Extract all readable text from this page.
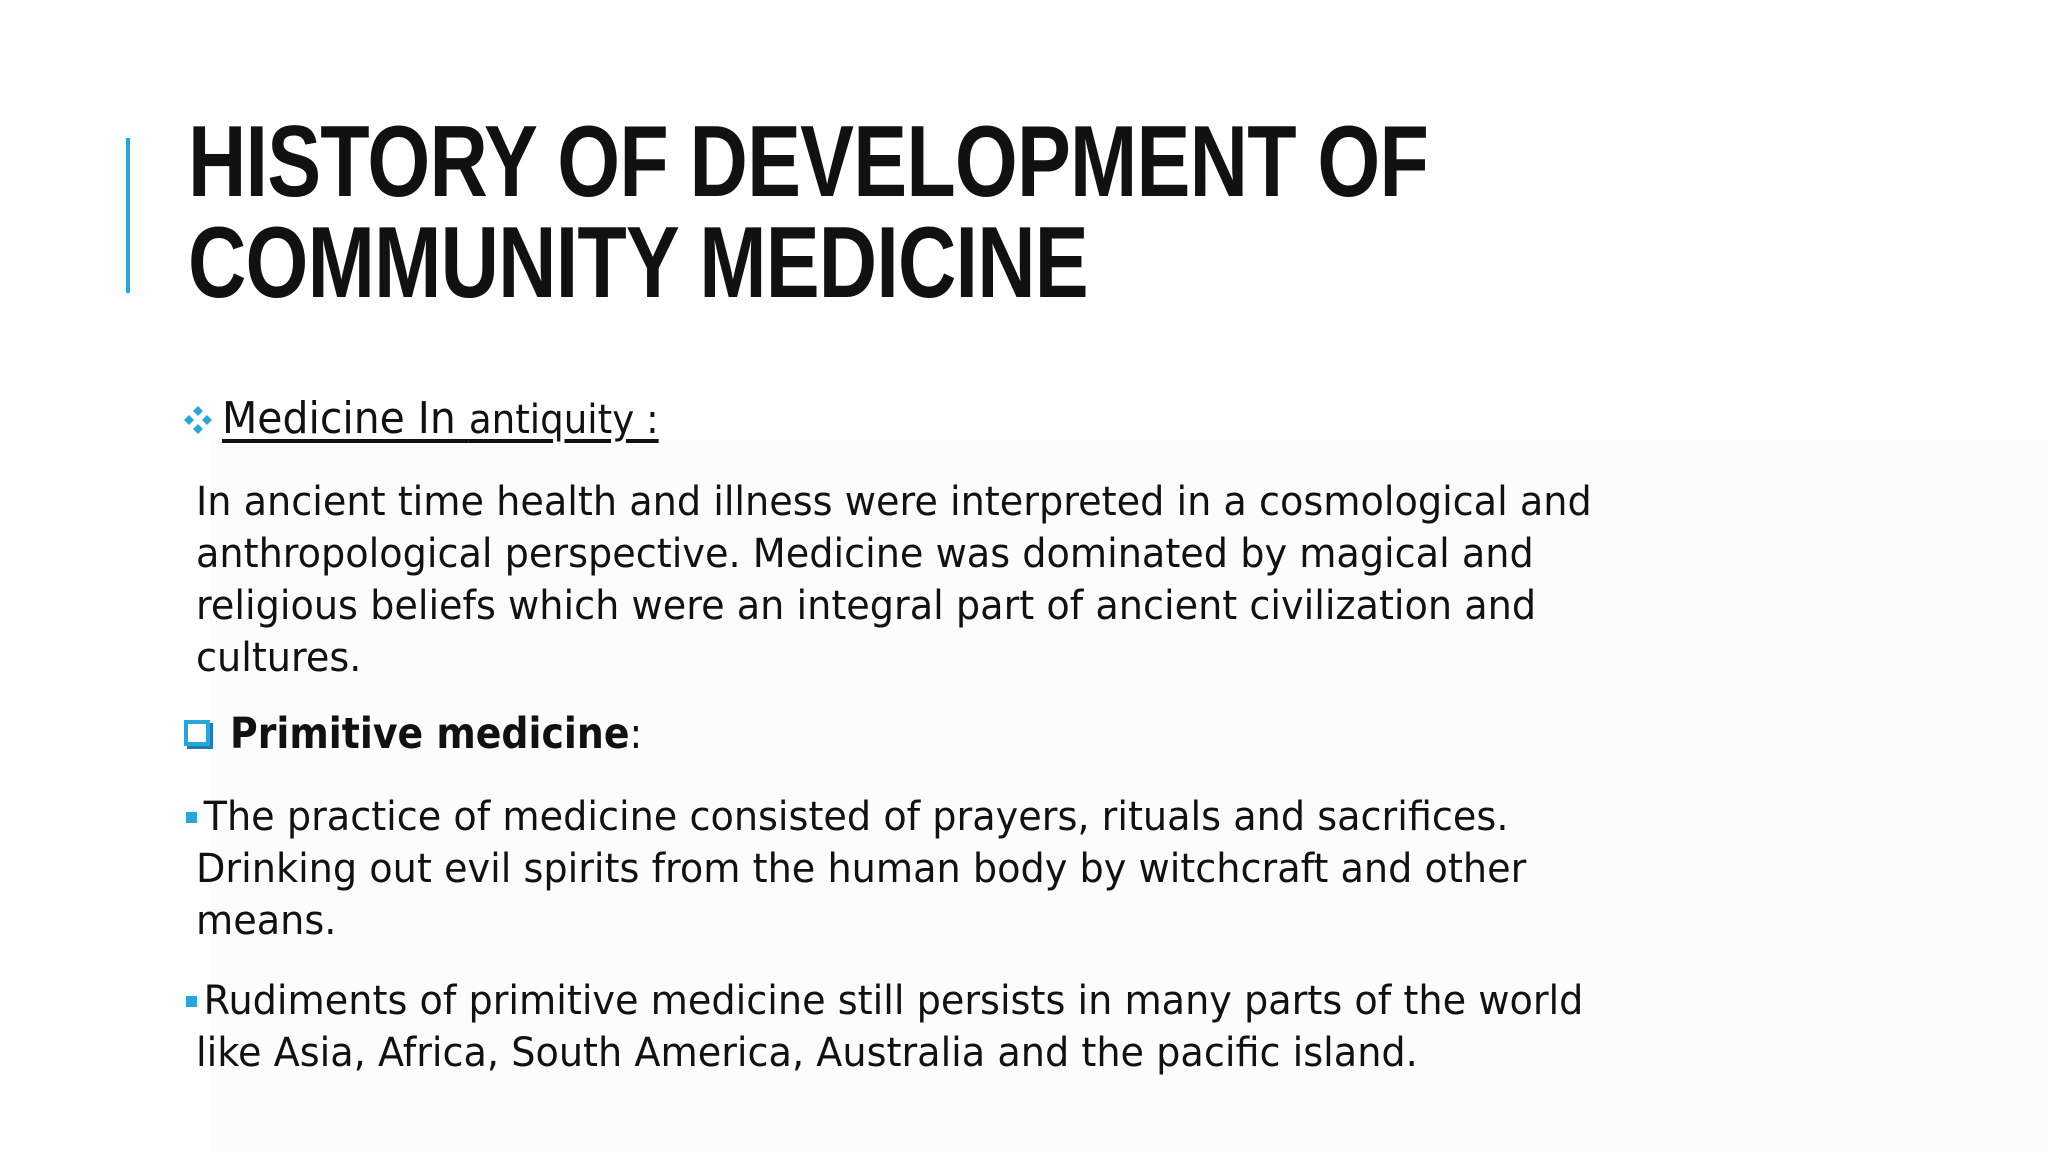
HISTORY OF DEVELOPMENT OF
COMMUNITY MEDICINE
Medicine In antiquity :
In ancient time health and illness were interpreted in a cosmological and
anthropological perspective. Medicine was dominated by magical and
religious beliefs which were an integral part of ancient civilization and
cultures.
Primitive medicine:
The practice of medicine consisted of prayers, rituals and sacrifices.
Drinking out evil spirits from the human body by witchcraft and other
means.
Rudiments of primitive medicine still persists in many parts of the world
like Asia, Africa, South America, Australia and the pacific island.
